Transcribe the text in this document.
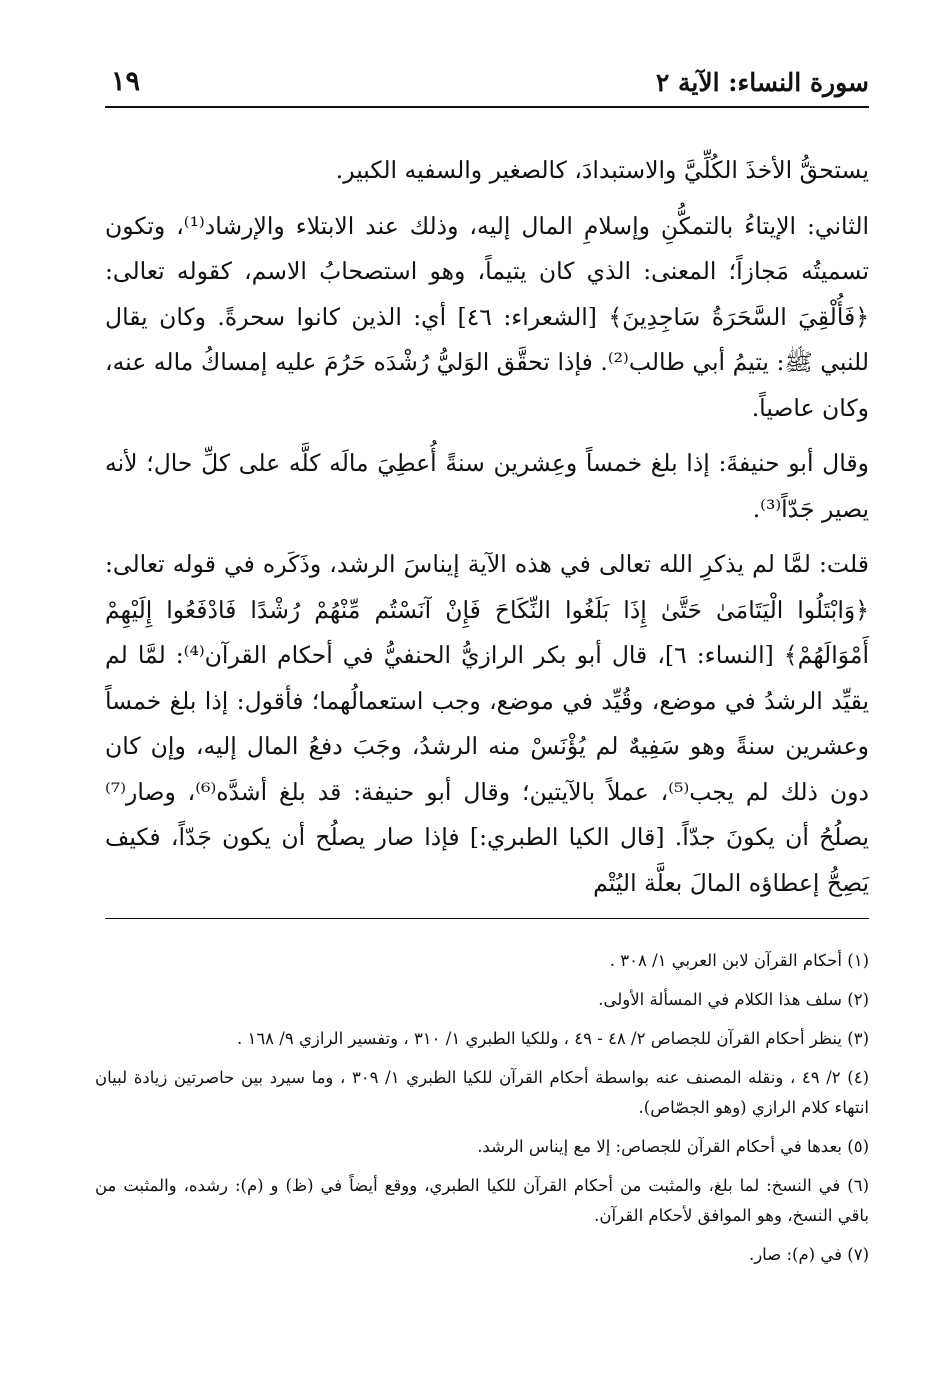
سورة النساء: الآية ٢
١٩

يستحقُّ الأخذَ الكُلِّيَّ والاستبدادَ، كالصغير والسفيه الكبير.

الثاني: الإيتاءُ بالتمكُّنِ وإسلامِ المال إليه، وذلك عند الابتلاء والإرشاد⁽¹⁾، وتكون تسميتُه مَجازاً؛ المعنى: الذي كان يتيماً، وهو استصحابُ الاسم، كقوله تعالى: ﴿فَأُلْقِيَ السَّحَرَةُ سَاجِدِينَ﴾ [الشعراء: ٤٦] أي: الذين كانوا سحرةً. وكان يقال للنبي ﷺ: يتيمُ أبي طالب⁽²⁾. فإذا تحقَّق الوَليُّ رُشْدَه حَرُمَ عليه إمساكُ ماله عنه، وكان عاصياً.

وقال أبو حنيفةَ: إذا بلغ خمساً وعِشرين سنةً أُعطِيَ مالَه كلَّه على كلِّ حال؛ لأنه يصير جَدّاً⁽³⁾.

قلت: لمَّا لم يذكرِ الله تعالى في هذه الآية إيناسَ الرشد، وذَكَره في قوله تعالى: ﴿وَابْتَلُوا الْيَتَامَىٰ حَتَّىٰ إِذَا بَلَغُوا النِّكَاحَ فَإِنْ آنَسْتُم مِّنْهُمْ رُشْدًا فَادْفَعُوا إِلَيْهِمْ أَمْوَالَهُمْ﴾ [النساء: ٦]، قال أبو بكر الرازيُّ الحنفيُّ في أحكام القرآن⁽⁴⁾: لمَّا لم يقيِّد الرشدُ في موضع، وقُيِّد في موضع، وجب استعمالُهما؛ فأقول: إذا بلغ خمساً وعشرين سنةً وهو سَفِيهٌ لم يُؤْنَسْ منه الرشدُ، وجَبَ دفعُ المال إليه، وإن كان دون ذلك لم يجب⁽⁵⁾، عملاً بالآيتين؛ وقال أبو حنيفة: قد بلغ أشدَّه⁽⁶⁾، وصار⁽⁷⁾ يصلُحُ أن يكونَ جدّاً. [قال الكيا الطبري:] فإذا صار يصلُح أن يكون جَدّاً، فكيف يَصِحُّ إعطاؤه المالَ بعلَّة اليُتْم

(١) أحكام القرآن لابن العربي ١/ ٣٠٨ .

(٢) سلف هذا الكلام في المسألة الأولى.

(٣) ينظر أحكام القرآن للجصاص ٢/ ٤٨ - ٤٩ ، وللكيا الطبري ١/ ٣١٠ ، وتفسير الرازي ٩/ ١٦٨ .

(٤) ٢/ ٤٩ ، ونقله المصنف عنه بواسطة أحكام القرآن للكيا الطبري ١/ ٣٠٩ ، وما سيرد بين حاصرتين زيادة لبيان انتهاء كلام الرازي (وهو الجصّاص).

(٥) بعدها في أحكام القرآن للجصاص: إلا مع إيناس الرشد.

(٦) في النسخ: لما بلغ، والمثبت من أحكام القرآن للكيا الطبري، ووقع أيضاً في (ظ) و (م): رشده، والمثبت من باقي النسخ، وهو الموافق لأحكام القرآن.

(٧) في (م): صار.
